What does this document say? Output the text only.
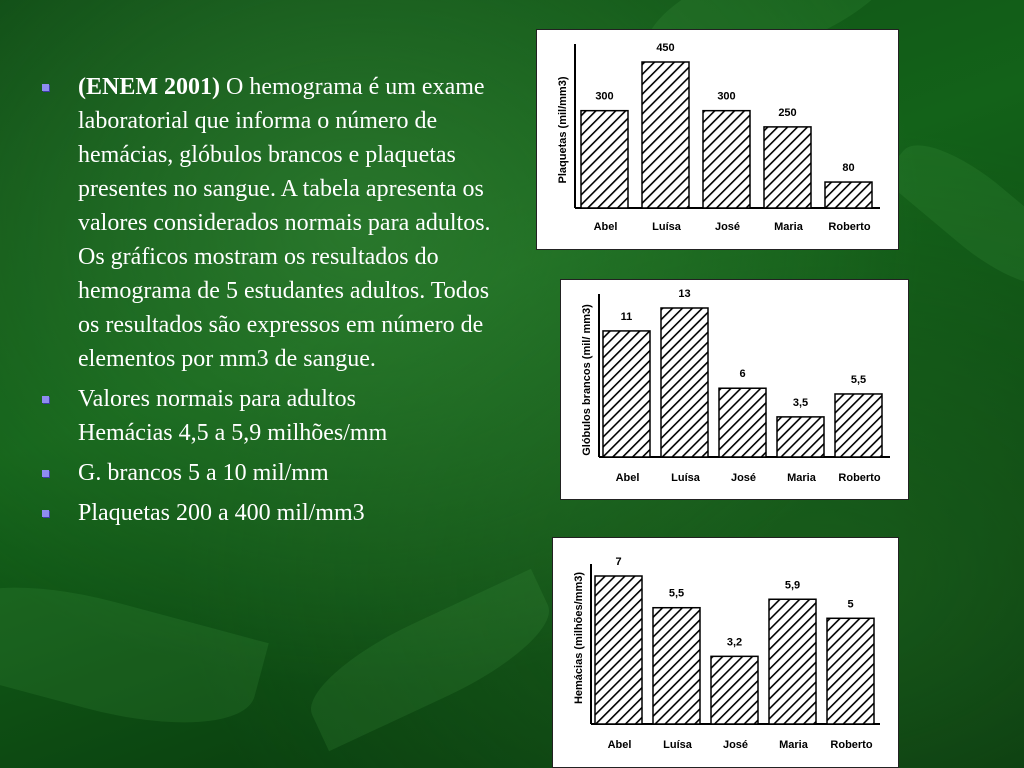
(ENEM 2001) O hemograma é um exame laboratorial que informa o número de hemácias, glóbulos brancos e plaquetas presentes no sangue. A tabela apresenta os valores considerados normais para adultos. Os gráficos mostram os resultados do hemograma de 5 estudantes adultos. Todos os resultados são expressos em número de elementos por mm3 de sangue.
Valores normais para adultos
Hemácias 4,5 a 5,9 milhões/mm
G. brancos 5 a 10 mil/mm
Plaquetas 200 a 400 mil/mm3
Plaquetas (mil/mm3) 300
Abel
450
Luísa
300
José
250
Maria
80
Roberto
Glóbulos brancos (mil/ mm3)	11
Abel
13
Luísa
6
José
3,5
Maria
5,5
Roberto
Hemácias (milhões/mm3)
7
Abel
5,5
Luísa
3,2
José
5,9
Maria
5
Roberto
